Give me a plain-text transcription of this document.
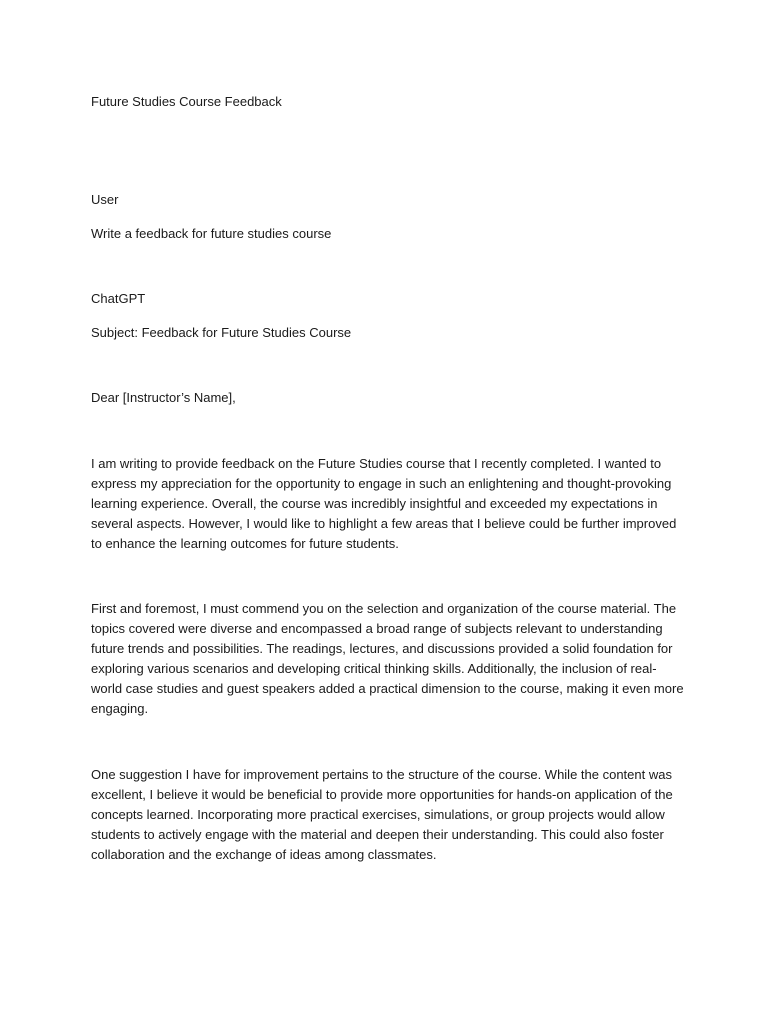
Future Studies Course Feedback

User

Write a feedback for future studies course

ChatGPT

Subject: Feedback for Future Studies Course

Dear [Instructor’s Name],

I am writing to provide feedback on the Future Studies course that I recently completed. I wanted to
express my appreciation for the opportunity to engage in such an enlightening and thought-provoking
learning experience. Overall, the course was incredibly insightful and exceeded my expectations in
several aspects. However, I would like to highlight a few areas that I believe could be further improved
to enhance the learning outcomes for future students.
First and foremost, I must commend you on the selection and organization of the course material. The
topics covered were diverse and encompassed a broad range of subjects relevant to understanding
future trends and possibilities. The readings, lectures, and discussions provided a solid foundation for
exploring various scenarios and developing critical thinking skills. Additionally, the inclusion of real-
world case studies and guest speakers added a practical dimension to the course, making it even more
engaging.
One suggestion I have for improvement pertains to the structure of the course. While the content was
excellent, I believe it would be beneficial to provide more opportunities for hands-on application of the
concepts learned. Incorporating more practical exercises, simulations, or group projects would allow
students to actively engage with the material and deepen their understanding. This could also foster
collaboration and the exchange of ideas among classmates.
